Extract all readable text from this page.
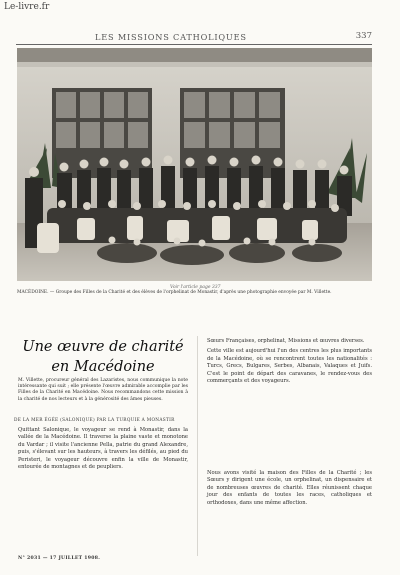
Le-livre.fr
LES MISSIONS CATHOLIQUES	337
Voir l'article page 337
MACÉDOINE. — Groupe des Filles de la Charité et des élèves de l'orphelinat de Monastir, d'après une photographie envoyée par M. Villette.
Une œuvre de charité
en Macédoine

M. Villette, procureur général des Lazaristes, nous communique la note intéressante qui suit ; elle présente l'œuvre admirable accomplie par les Filles de la Charité en Macédoine. Nous recommandons cette mission à la charité de nos lecteurs et à la générosité des âmes pieuses.

DE LA MER ÉGÉE (SALONIQUE) PAR LA TURQUIE A MONASTIR

Quittant Salonique, le voyageur se rend à Monastir, dans la vallée de la Macédoine. Il traverse la plaine vaste et monotone du Vardar ; il visite l'ancienne Pella, patrie du grand Alexandre, puis, s'élevant sur les hauteurs, à travers les défilés, au pied du Peristeri, le voyageur découvre enfin la ville de Monastir, entourée de montagnes et de peupliers.

Sœurs Françaises, orphelinat, Missions et œuvres diverses.

Cette ville est aujourd'hui l'un des centres les plus importants de la Macédoine, où se rencontrent toutes les nationalités : Turcs, Grecs, Bulgares, Serbes, Albanais, Valaques et Juifs. C'est le point de départ des caravanes, le rendez-vous des commerçants et des voyageurs.

Nous avons visité la maison des Filles de la Charité ; les Sœurs y dirigent une école, un orphelinat, un dispensaire et de nombreuses œuvres de charité. Elles réunissent chaque jour des enfants de toutes les races, catholiques et orthodoxes, dans une même affection.

N° 2031 — 17 JUILLET 1908.
